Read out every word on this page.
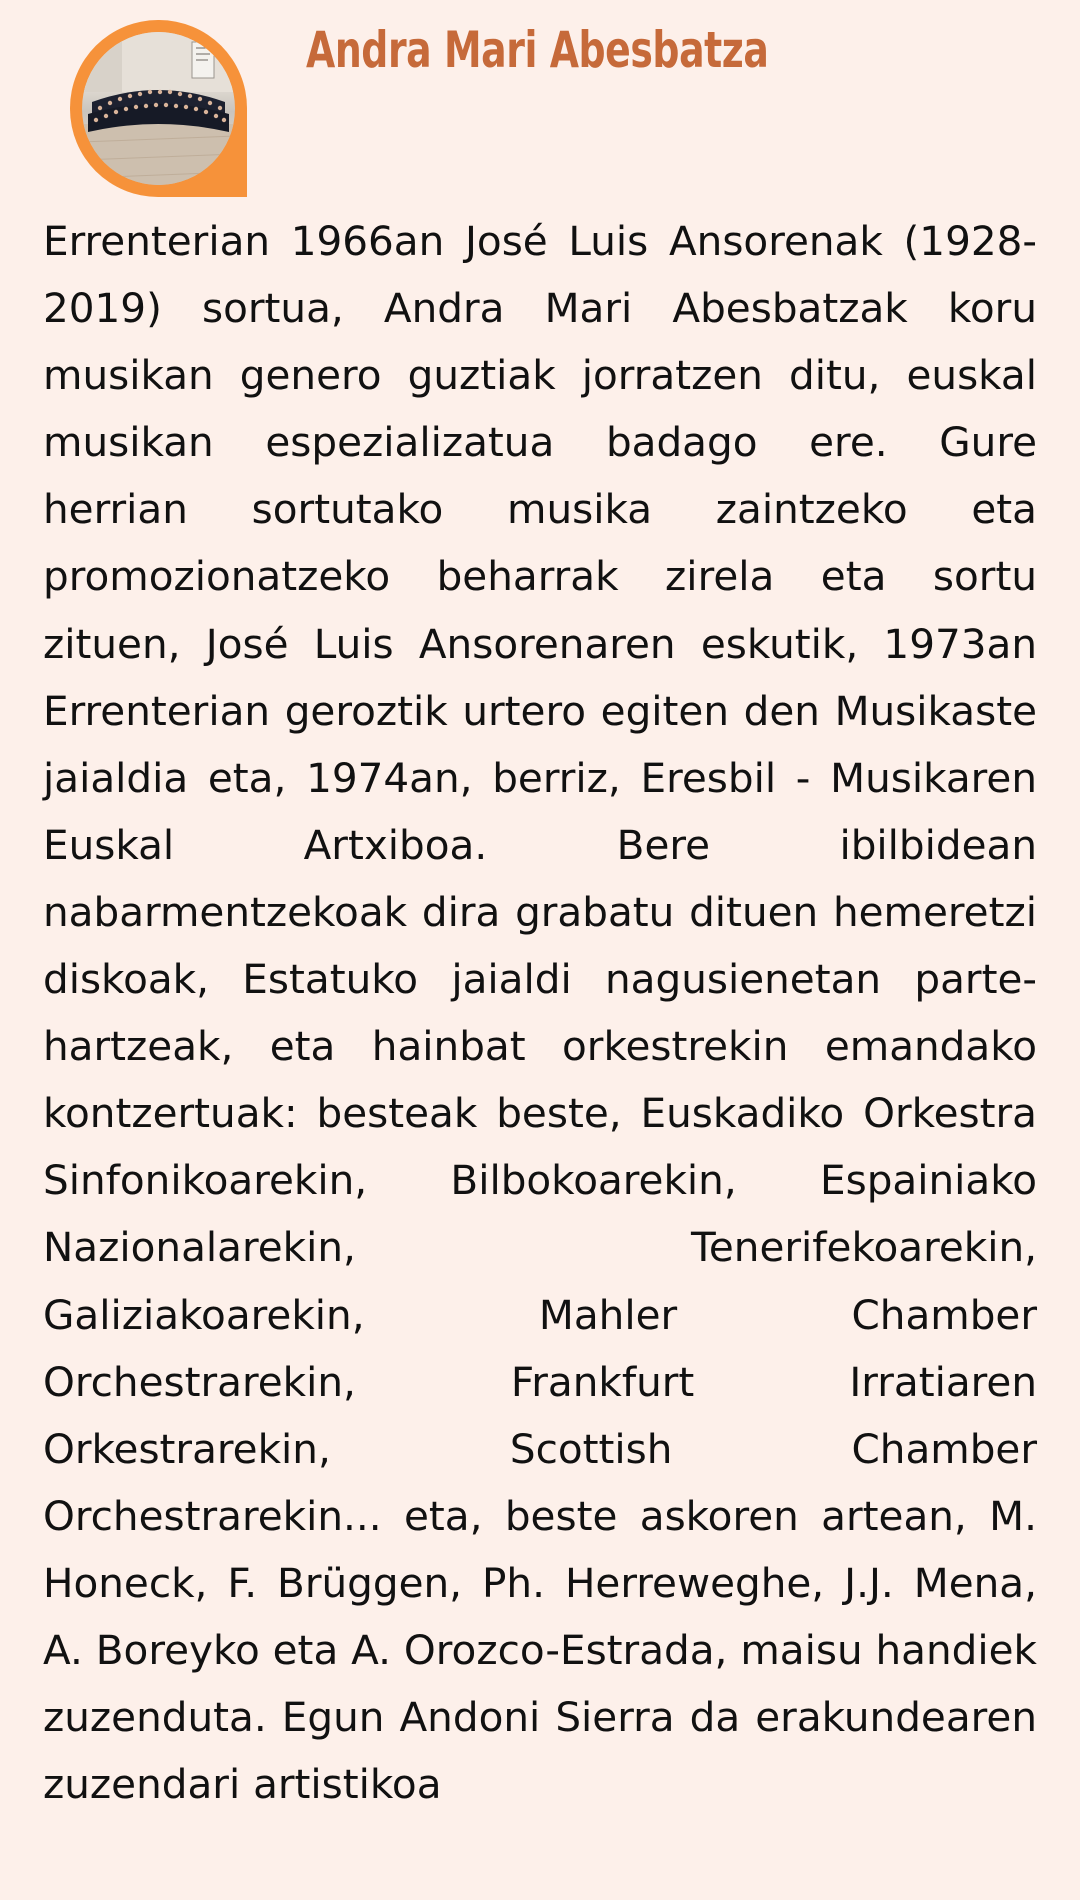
Andra Mari Abesbatza

Errenterian 1966an José Luis Ansorenak (1928-2019) sortua, Andra Mari Abesbatzak koru musikan genero guztiak jorratzen ditu, euskal musikan espezializatua badago ere. Gure herrian sortutako musika zaintzeko eta promozionatzeko beharrak zirela eta sortu zituen, José Luis Ansorenaren eskutik, 1973an Errenterian geroztik urtero egiten den Musikaste jaialdia eta, 1974an, berriz, Eresbil - Musikaren Euskal Artxiboa. Bere ibilbidean nabarmentzekoak dira grabatu dituen hemeretzi diskoak, Estatuko jaialdi nagusienetan parte-hartzeak, eta hainbat orkestrekin emandako kontzertuak: besteak beste, Euskadiko Orkestra Sinfonikoarekin, Bilbokoarekin, Espainiako Nazionalarekin, Tenerifekoarekin, Galiziakoarekin, Mahler Chamber Orchestrarekin, Frankfurt Irratiaren Orkestrarekin, Scottish Chamber Orchestrarekin... eta, beste askoren artean, M. Honeck, F. Brüggen, Ph. Herreweghe, J.J. Mena, A. Boreyko eta A. Orozco-Estrada, maisu handiek zuzenduta. Egun Andoni Sierra da erakundearen zuzendari artistikoa
